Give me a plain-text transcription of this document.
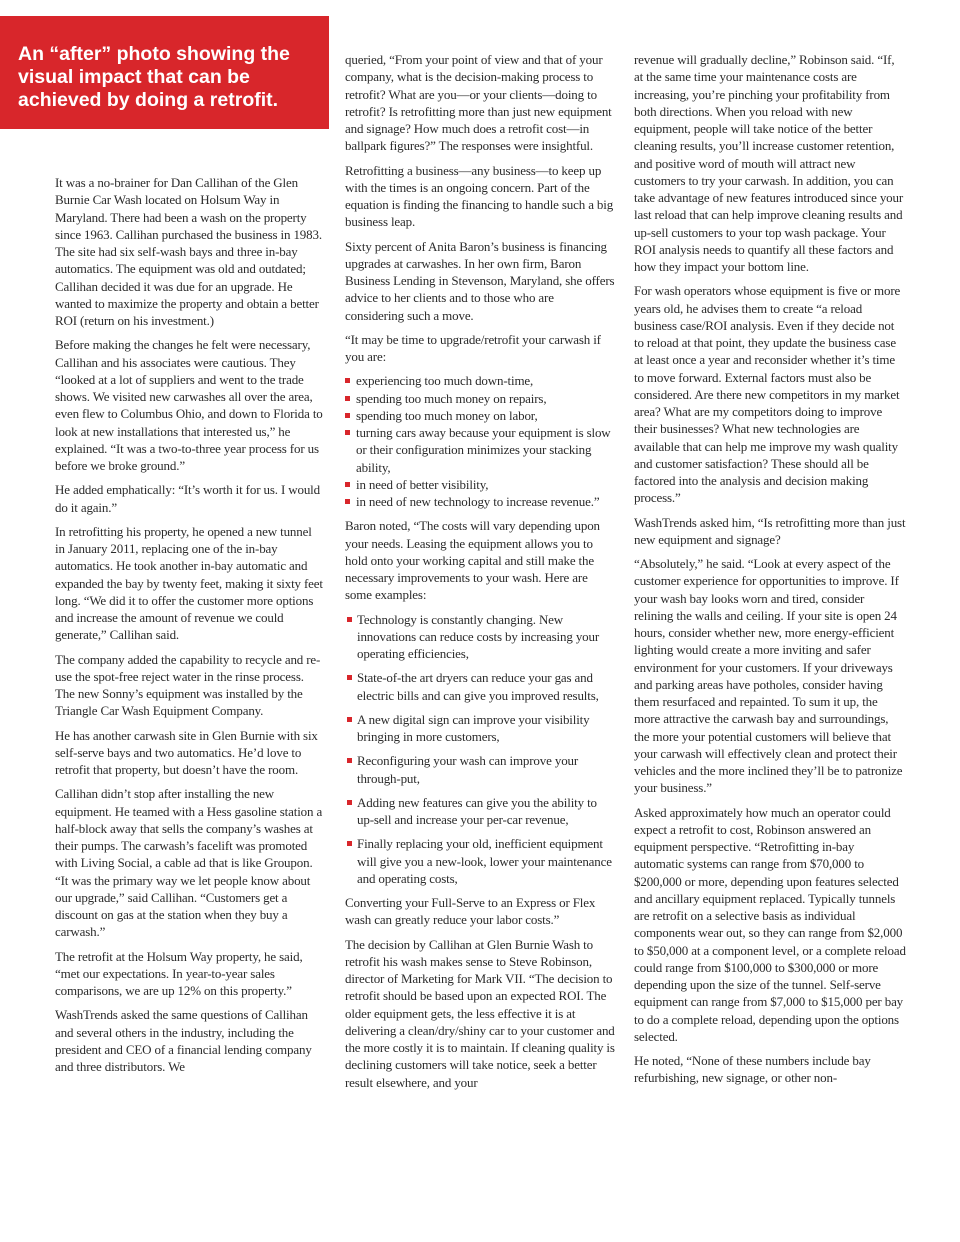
An “after” photo showing the visual impact that can be achieved by doing a retrofit.

It was a no-brainer for Dan Callihan of the Glen Burnie Car Wash located on Holsum Way in Maryland. There had been a wash on the property since 1963. Callihan purchased the business in 1983. The site had six self-wash bays and three in-bay automatics. The equipment was old and outdated; Callihan decided it was due for an upgrade. He wanted to maximize the property and obtain a better ROI (return on his investment.)

Before making the changes he felt were necessary, Callihan and his associates were cautious. They “looked at a lot of suppliers and went to the trade shows. We visited new carwashes all over the area, even flew to Columbus Ohio, and down to Florida to look at new installations that interested us,” he explained. “It was a two-to-three year process for us before we broke ground.”

He added emphatically: “It’s worth it for us. I would do it again.”

In retrofitting his property, he opened a new tunnel in January 2011, replacing one of the in-bay automatics. He took another in-bay automatic and expanded the bay by twenty feet, making it sixty feet long. “We did it to offer the customer more options and increase the amount of revenue we could generate,” Callihan said.

The company added the capability to recycle and re-use the spot-free reject water in the rinse process. The new Sonny’s equipment was installed by the Triangle Car Wash Equipment Company.

He has another carwash site in Glen Burnie with six self-serve bays and two automatics. He’d love to retrofit that property, but doesn’t have the room.

Callihan didn’t stop after installing the new equipment. He teamed with a Hess gasoline station a half-block away that sells the company’s washes at their pumps. The carwash’s facelift was promoted with Living Social, a cable ad that is like Groupon. “It was the primary way we let people know about our upgrade,” said Callihan. “Customers get a discount on gas at the station when they buy a carwash.”

The retrofit at the Holsum Way property, he said, “met our expectations. In year-to-year sales comparisons, we are up 12% on this property.”

WashTrends asked the same questions of Callihan and several others in the industry, including the president and CEO of a financial lending company and three distributors. We

queried, “From your point of view and that of your company, what is the decision-making process to retrofit? What are you—or your clients—doing to retrofit? Is retrofitting more than just new equipment and signage? How much does a retrofit cost—in ballpark figures?” The responses were insightful.

Retrofitting a business—any business—to keep up with the times is an ongoing concern. Part of the equation is finding the financing to handle such a big business leap.

Sixty percent of Anita Baron’s business is financing upgrades at carwashes. In her own firm, Baron Business Lending in Stevenson, Maryland, she offers advice to her clients and to those who are considering such a move.

“It may be time to upgrade/retrofit your carwash if you are:

experiencing too much down-time,
spending too much money on repairs,
spending too much money on labor,
turning cars away because your equipment is slow or their configuration minimizes your stacking ability,
in need of better visibility,
in need of new technology to increase revenue.”

Baron noted, “The costs will vary depending upon your needs. Leasing the equipment allows you to hold onto your working capital and still make the necessary improvements to your wash. Here are some examples:

Technology is constantly changing. New innovations can reduce costs by increasing your operating efficiencies,
State-of-the art dryers can reduce your gas and electric bills and can give you improved results,
A new digital sign can improve your visibility bringing in more customers,
Reconfiguring your wash can improve your through-put,
Adding new features can give you the ability to up-sell and increase your per-car revenue,
Finally replacing your old, inefficient equipment will give you a new-look, lower your maintenance and operating costs,

Converting your Full-Serve to an Express or Flex wash can greatly reduce your labor costs.”

The decision by Callihan at Glen Burnie Wash to retrofit his wash makes sense to Steve Robinson, director of Marketing for Mark VII. “The decision to retrofit should be based upon an expected ROI. The older equipment gets, the less effective it is at delivering a clean/dry/shiny car to your customer and the more costly it is to maintain. If cleaning quality is declining customers will take notice, seek a better result elsewhere, and your

revenue will gradually decline,” Robinson said. “If, at the same time your maintenance costs are increasing, you’re pinching your profitability from both directions. When you reload with new equipment, people will take notice of the better cleaning results, you’ll increase customer retention, and positive word of mouth will attract new customers to try your carwash. In addition, you can take advantage of new features introduced since your last reload that can help improve cleaning results and up-sell customers to your top wash package. Your ROI analysis needs to quantify all these factors and how they impact your bottom line.

For wash operators whose equipment is five or more years old, he advises them to create “a reload business case/ROI analysis. Even if they decide not to reload at that point, they update the business case at least once a year and reconsider whether it’s time to move forward. External factors must also be considered. Are there new competitors in my market area? What are my competitors doing to improve their businesses? What new technologies are available that can help me improve my wash quality and customer satisfaction? These should all be factored into the analysis and decision making process.”

WashTrends asked him, “Is retrofitting more than just new equipment and signage?

“Absolutely,” he said. “Look at every aspect of the customer experience for opportunities to improve. If your wash bay looks worn and tired, consider relining the walls and ceiling. If your site is open 24 hours, consider whether new, more energy-efficient lighting would create a more inviting and safer environment for your customers. If your driveways and parking areas have potholes, consider having them resurfaced and repainted. To sum it up, the more attractive the carwash bay and surroundings, the more your potential customers will believe that your carwash will effectively clean and protect their vehicles and the more inclined they’ll be to patronize your business.”

Asked approximately how much an operator could expect a retrofit to cost, Robinson answered an equipment perspective. “Retrofitting in-bay automatic systems can range from $70,000 to $200,000 or more, depending upon features selected and ancillary equipment replaced. Typically tunnels are retrofit on a selective basis as individual components wear out, so they can range from $2,000 to $50,000 at a component level, or a complete reload could range from $100,000 to $300,000 or more depending upon the size of the tunnel. Self-serve equipment can range from $7,000 to $15,000 per bay to do a complete reload, depending upon the options selected.

He noted, “None of these numbers include bay refurbishing, new signage, or other non-
